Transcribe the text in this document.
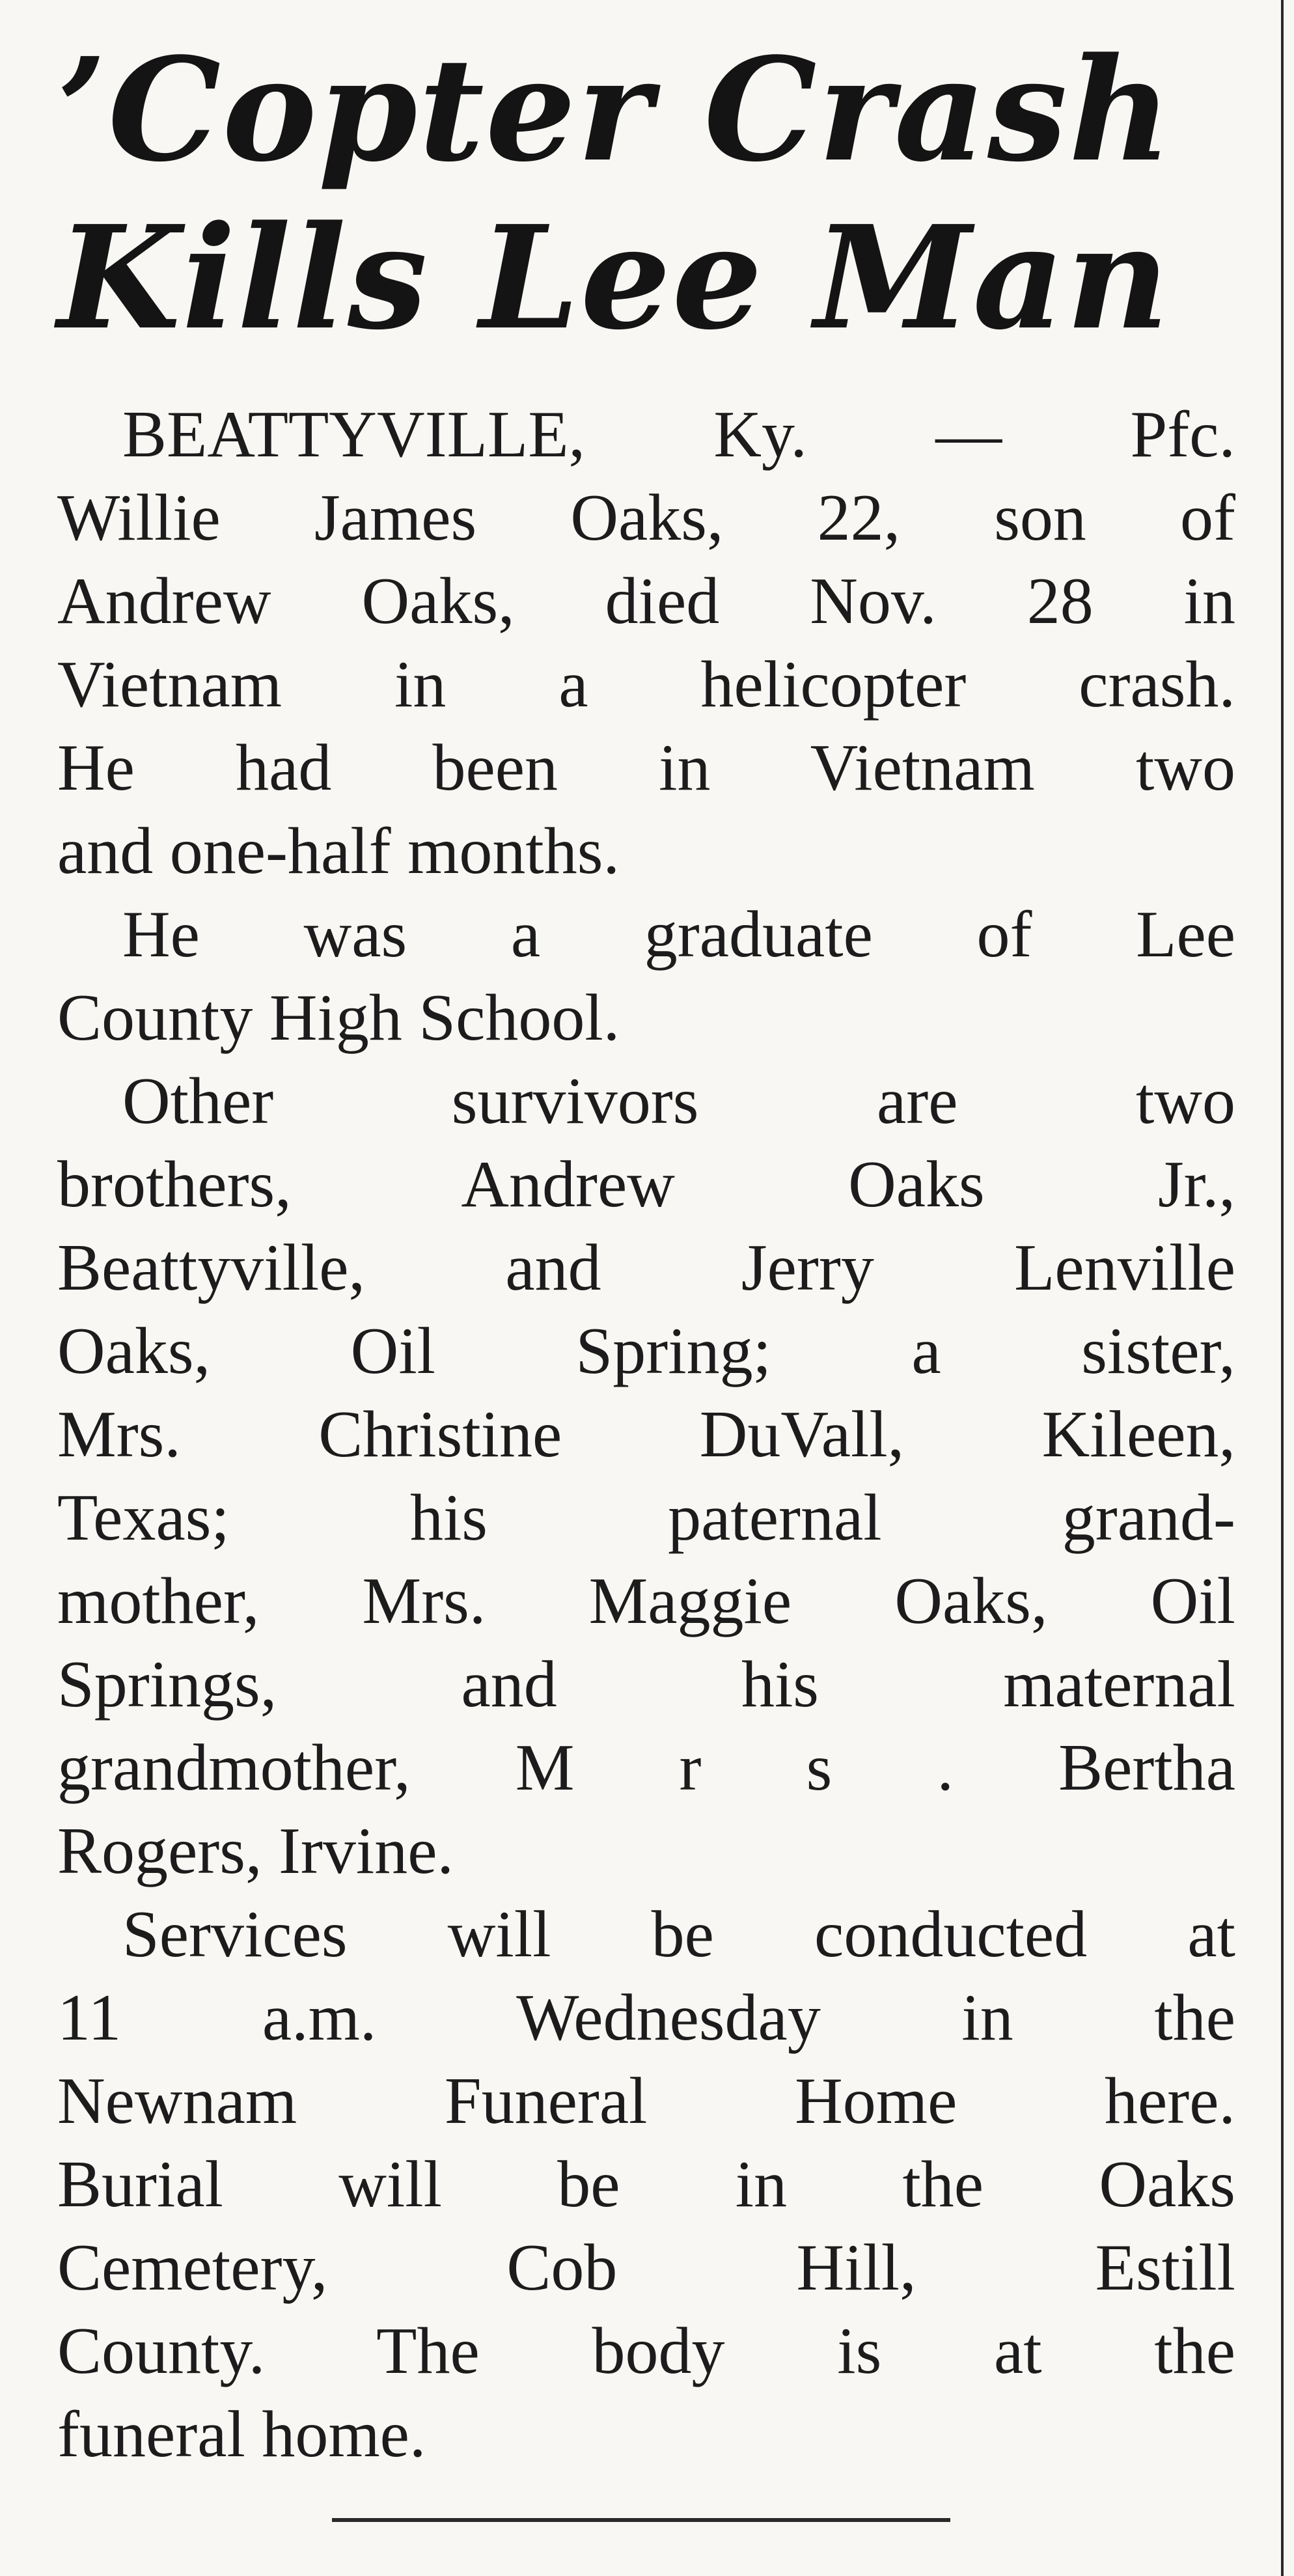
’Copter Crash
Kills Lee Man

BEATTYVILLE, Ky. — Pfc.
Willie James Oaks, 22, son of
Andrew Oaks, died Nov. 28 in
Vietnam in a helicopter crash.
He had been in Vietnam two
and one-half months.

He was a graduate of Lee
County High School.

Other survivors are two
brothers, Andrew Oaks Jr.,
Beattyville, and Jerry Lenville
Oaks, Oil Spring; a sister,
Mrs. Christine DuVall, Kileen,
Texas; his paternal grand-
mother, Mrs. Maggie Oaks, Oil
Springs, and his maternal
grandmother, M r s . Bertha
Rogers, Irvine.

Services will be conducted at
11 a.m. Wednesday in the
Newnam Funeral Home here.
Burial will be in the Oaks
Cemetery, Cob Hill, Estill
County. The body is at the
funeral home.
